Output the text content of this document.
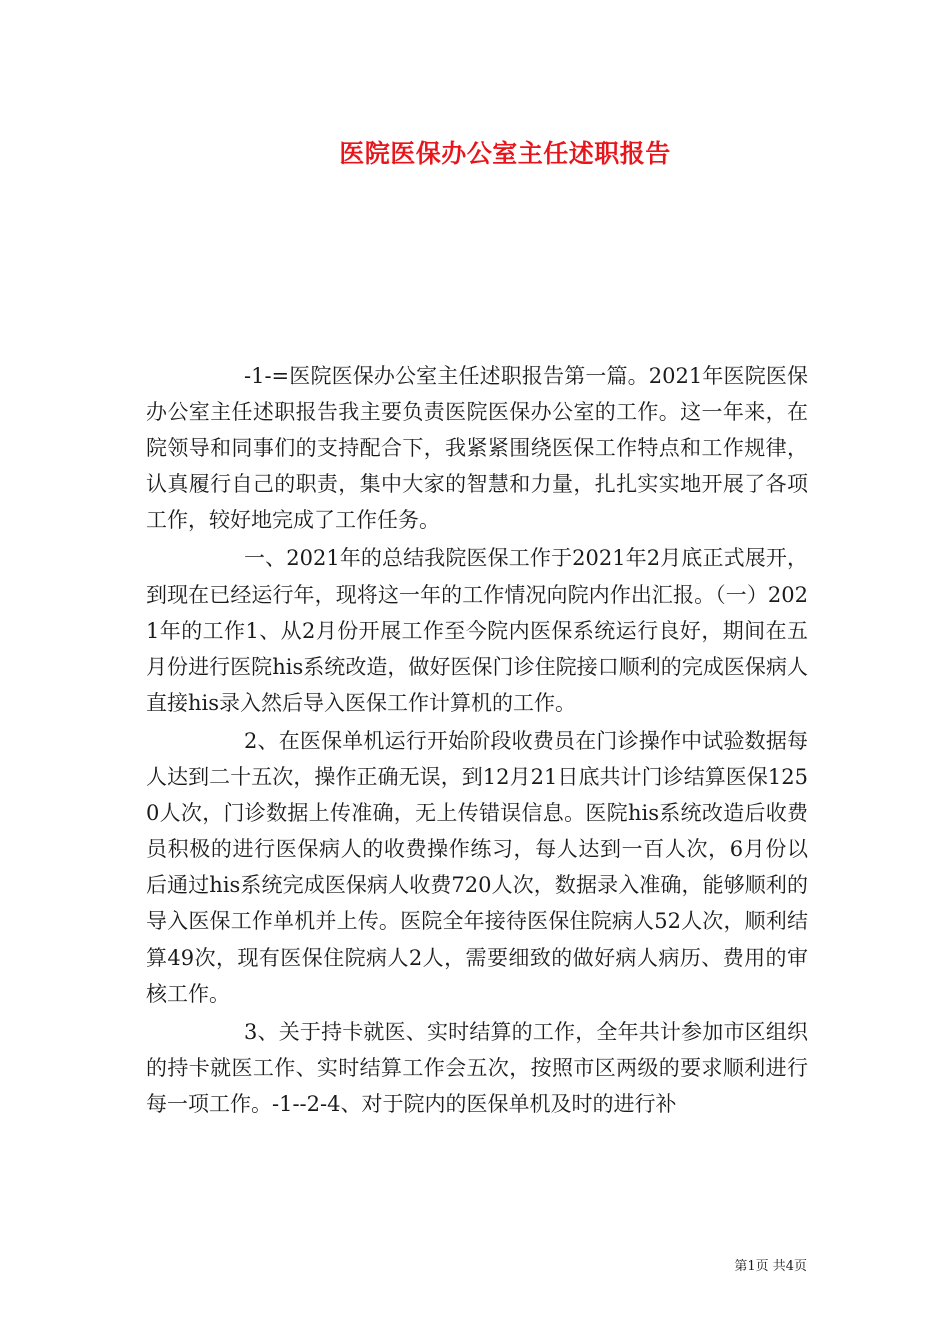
医院医保办公室主任述职报告

-1-=医院医保办公室主任述职报告第一篇。2021年医院医保办公室主任述职报告我主要负责医院医保办公室的工作。这一年来，在院领导和同事们的支持配合下，我紧紧围绕医保工作特点和工作规律，认真履行自己的职责，集中大家的智慧和力量，扎扎实实地开展了各项工作，较好地完成了工作任务。

一、2021年的总结我院医保工作于2021年2月底正式展开，到现在已经运行年，现将这一年的工作情况向院内作出汇报。（一）2021年的工作1、从2月份开展工作至今院内医保系统运行良好，期间在五月份进行医院his系统改造，做好医保门诊住院接口顺利的完成医保病人直接his录入然后导入医保工作计算机的工作。

2、在医保单机运行开始阶段收费员在门诊操作中试验数据每人达到二十五次，操作正确无误，到12月21日底共计门诊结算医保1250人次，门诊数据上传准确，无上传错误信息。医院his系统改造后收费员积极的进行医保病人的收费操作练习，每人达到一百人次，6月份以后通过his系统完成医保病人收费720人次，数据录入准确，能够顺利的导入医保工作单机并上传。医院全年接待医保住院病人52人次，顺利结算49次，现有医保住院病人2人，需要细致的做好病人病历、费用的审核工作。

3、关于持卡就医、实时结算的工作，全年共计参加市区组织的持卡就医工作、实时结算工作会五次，按照市区两级的要求顺利进行每一项工作。-1--2-4、对于院内的医保单机及时的进行补

第1页 共4页
